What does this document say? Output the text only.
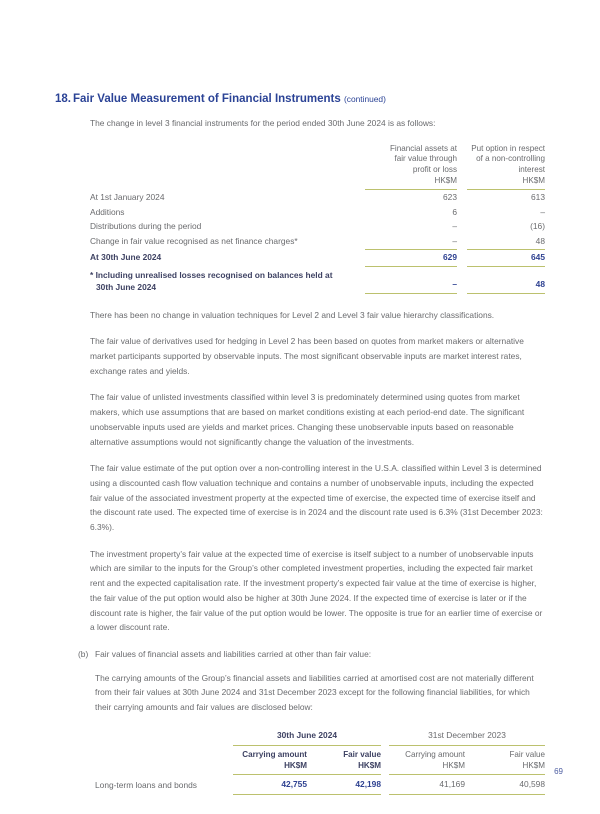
18. Fair Value Measurement of Financial Instruments (continued)

The change in level 3 financial instruments for the period ended 30th June 2024 is as follows:

Financial assets at
fair value through
profit or loss
HK$M
Put option in respect
of a non-controlling
interest
HK$M
At 1st January 2024	623	613
Additions	6	–
Distributions during the period	–	(16)
Change in fair value recognised as net finance charges*	–	48
At 30th June 2024	629	645
* Including unrealised losses recognised on balances held at
30th June 2024	–	48

There has been no change in valuation techniques for Level 2 and Level 3 fair value hierarchy classifications.

The fair value of derivatives used for hedging in Level 2 has been based on quotes from market makers or alternative market participants supported by observable inputs. The most significant observable inputs are market interest rates, exchange rates and yields.

The fair value of unlisted investments classified within level 3 is predominately determined using quotes from market makers, which use assumptions that are based on market conditions existing at each period-end date. The significant unobservable inputs used are yields and market prices. Changing these unobservable inputs based on reasonable alternative assumptions would not significantly change the valuation of the investments.

The fair value estimate of the put option over a non-controlling interest in the U.S.A. classified within Level 3 is determined using a discounted cash flow valuation technique and contains a number of unobservable inputs, including the expected fair value of the associated investment property at the expected time of exercise, the expected time of exercise itself and the discount rate used. The expected time of exercise is in 2024 and the discount rate used is 6.3% (31st December 2023: 6.3%).

The investment property’s fair value at the expected time of exercise is itself subject to a number of unobservable inputs which are similar to the inputs for the Group’s other completed investment properties, including the expected fair market rent and the expected capitalisation rate. If the investment property’s expected fair value at the time of exercise is higher, the fair value of the put option would also be higher at 30th June 2024. If the expected time of exercise is later or if the discount rate is higher, the fair value of the put option would be lower. The opposite is true for an earlier time of exercise or a lower discount rate.

(b) Fair values of financial assets and liabilities carried at other than fair value:

The carrying amounts of the Group’s financial assets and liabilities carried at amortised cost are not materially different from their fair values at 30th June 2024 and 31st December 2023 except for the following financial liabilities, for which their carrying amounts and fair values are disclosed below:

30th June 2024	31st December 2023
Carrying amount
HK$M
Fair value
HK$M
Carrying amount
HK$M
Fair value
HK$M
Long-term loans and bonds	42,755	42,198	41,169	40,598
69
